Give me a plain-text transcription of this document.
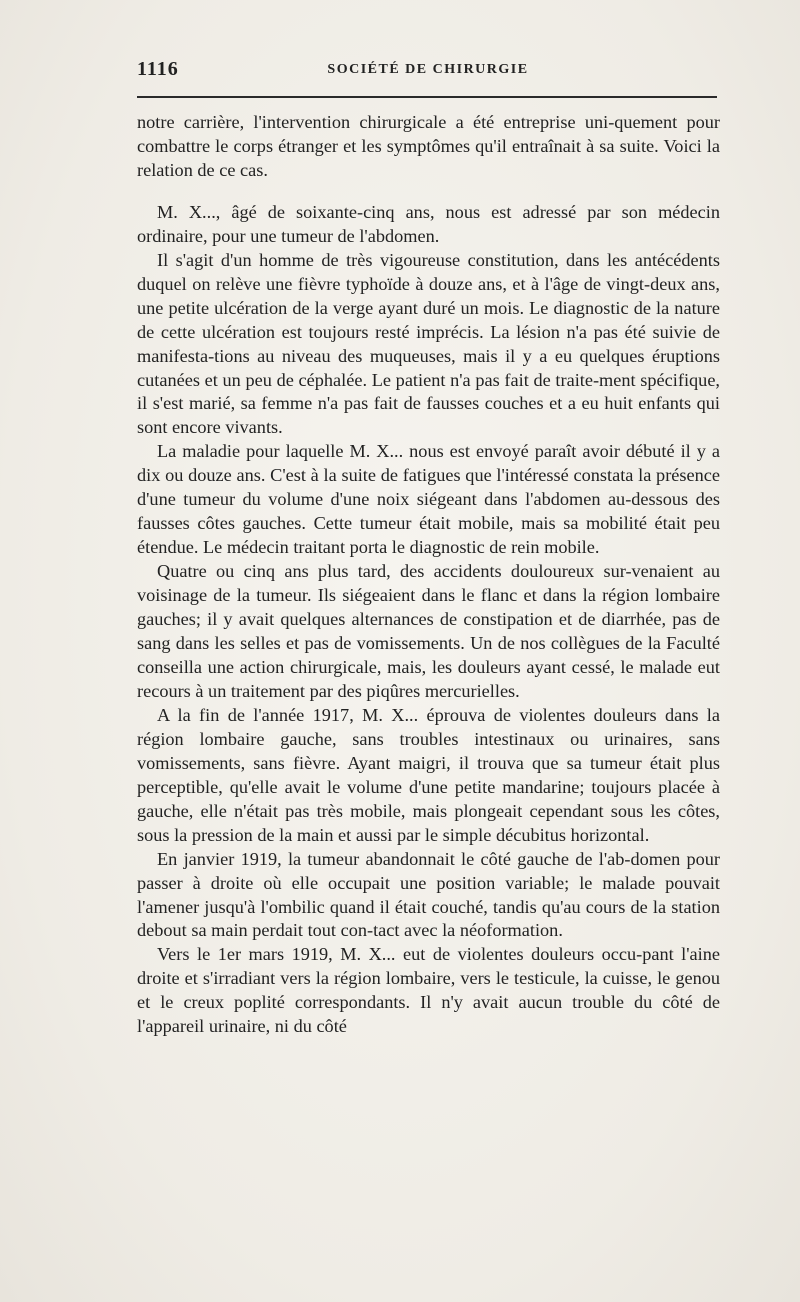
1116	SOCIÉTÉ DE CHIRURGIE

notre carrière, l'intervention chirurgicale a été entreprise uni-quement pour combattre le corps étranger et les symptômes qu'il entraînait à sa suite. Voici la relation de ce cas.

M. X..., âgé de soixante-cinq ans, nous est adressé par son médecin ordinaire, pour une tumeur de l'abdomen.

Il s'agit d'un homme de très vigoureuse constitution, dans les antécédents duquel on relève une fièvre typhoïde à douze ans, et à l'âge de vingt-deux ans, une petite ulcération de la verge ayant duré un mois. Le diagnostic de la nature de cette ulcération est toujours resté imprécis. La lésion n'a pas été suivie de manifesta-tions au niveau des muqueuses, mais il y a eu quelques éruptions cutanées et un peu de céphalée. Le patient n'a pas fait de traite-ment spécifique, il s'est marié, sa femme n'a pas fait de fausses couches et a eu huit enfants qui sont encore vivants.

La maladie pour laquelle M. X... nous est envoyé paraît avoir débuté il y a dix ou douze ans. C'est à la suite de fatigues que l'intéressé constata la présence d'une tumeur du volume d'une noix siégeant dans l'abdomen au-dessous des fausses côtes gauches. Cette tumeur était mobile, mais sa mobilité était peu étendue. Le médecin traitant porta le diagnostic de rein mobile.

Quatre ou cinq ans plus tard, des accidents douloureux sur-venaient au voisinage de la tumeur. Ils siégeaient dans le flanc et dans la région lombaire gauches; il y avait quelques alternances de constipation et de diarrhée, pas de sang dans les selles et pas de vomissements. Un de nos collègues de la Faculté conseilla une action chirurgicale, mais, les douleurs ayant cessé, le malade eut recours à un traitement par des piqûres mercurielles.

A la fin de l'année 1917, M. X... éprouva de violentes douleurs dans la région lombaire gauche, sans troubles intestinaux ou urinaires, sans vomissements, sans fièvre. Ayant maigri, il trouva que sa tumeur était plus perceptible, qu'elle avait le volume d'une petite mandarine; toujours placée à gauche, elle n'était pas très mobile, mais plongeait cependant sous les côtes, sous la pression de la main et aussi par le simple décubitus horizontal.

En janvier 1919, la tumeur abandonnait le côté gauche de l'ab-domen pour passer à droite où elle occupait une position variable; le malade pouvait l'amener jusqu'à l'ombilic quand il était couché, tandis qu'au cours de la station debout sa main perdait tout con-tact avec la néoformation.

Vers le 1er mars 1919, M. X... eut de violentes douleurs occu-pant l'aine droite et s'irradiant vers la région lombaire, vers le testicule, la cuisse, le genou et le creux poplité correspondants. Il n'y avait aucun trouble du côté de l'appareil urinaire, ni du côté
